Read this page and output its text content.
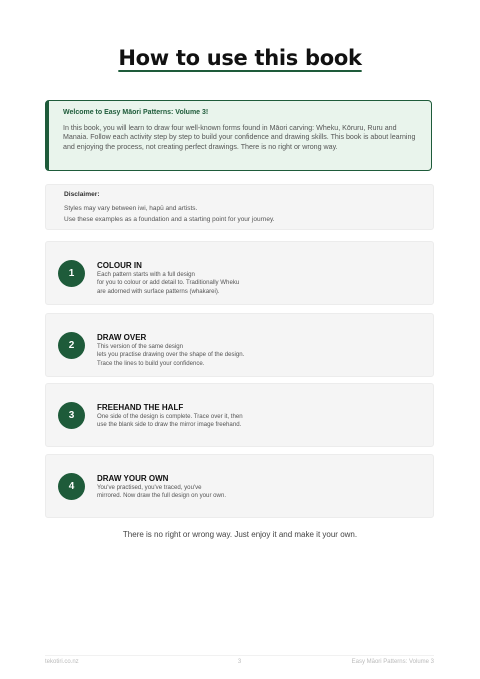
How to use this book
Welcome to Easy Māori Patterns: Volume 3!
In this book, you will learn to draw four well-known forms found in Māori carving: Wheku, Kōruru, Ruru and Manaia. Follow each activity step by step to build your confidence and drawing skills. This book is about learning and enjoying the process, not creating perfect drawings. There is no right or wrong way.
Disclaimer:
Styles may vary between iwi, hapū and artists.
Use these examples as a foundation and a starting point for your journey.
1
COLOUR IN
Each pattern starts with a full design
for you to colour or add detail to. Traditionally Wheku
are adorned with surface patterns (whakarei).
2
DRAW OVER
This version of the same design
lets you practise drawing over the shape of the design.
Trace the lines to build your confidence.
3
FREEHAND THE HALF
One side of the design is complete. Trace over it, then
use the blank side to draw the mirror image freehand.
4
DRAW YOUR OWN
You've practised, you've traced, you've
mirrored. Now draw the full design on your own.
There is no right or wrong way. Just enjoy it and make it your own.
tekotiri.co.nz	3	Easy Māori Patterns: Volume 3
